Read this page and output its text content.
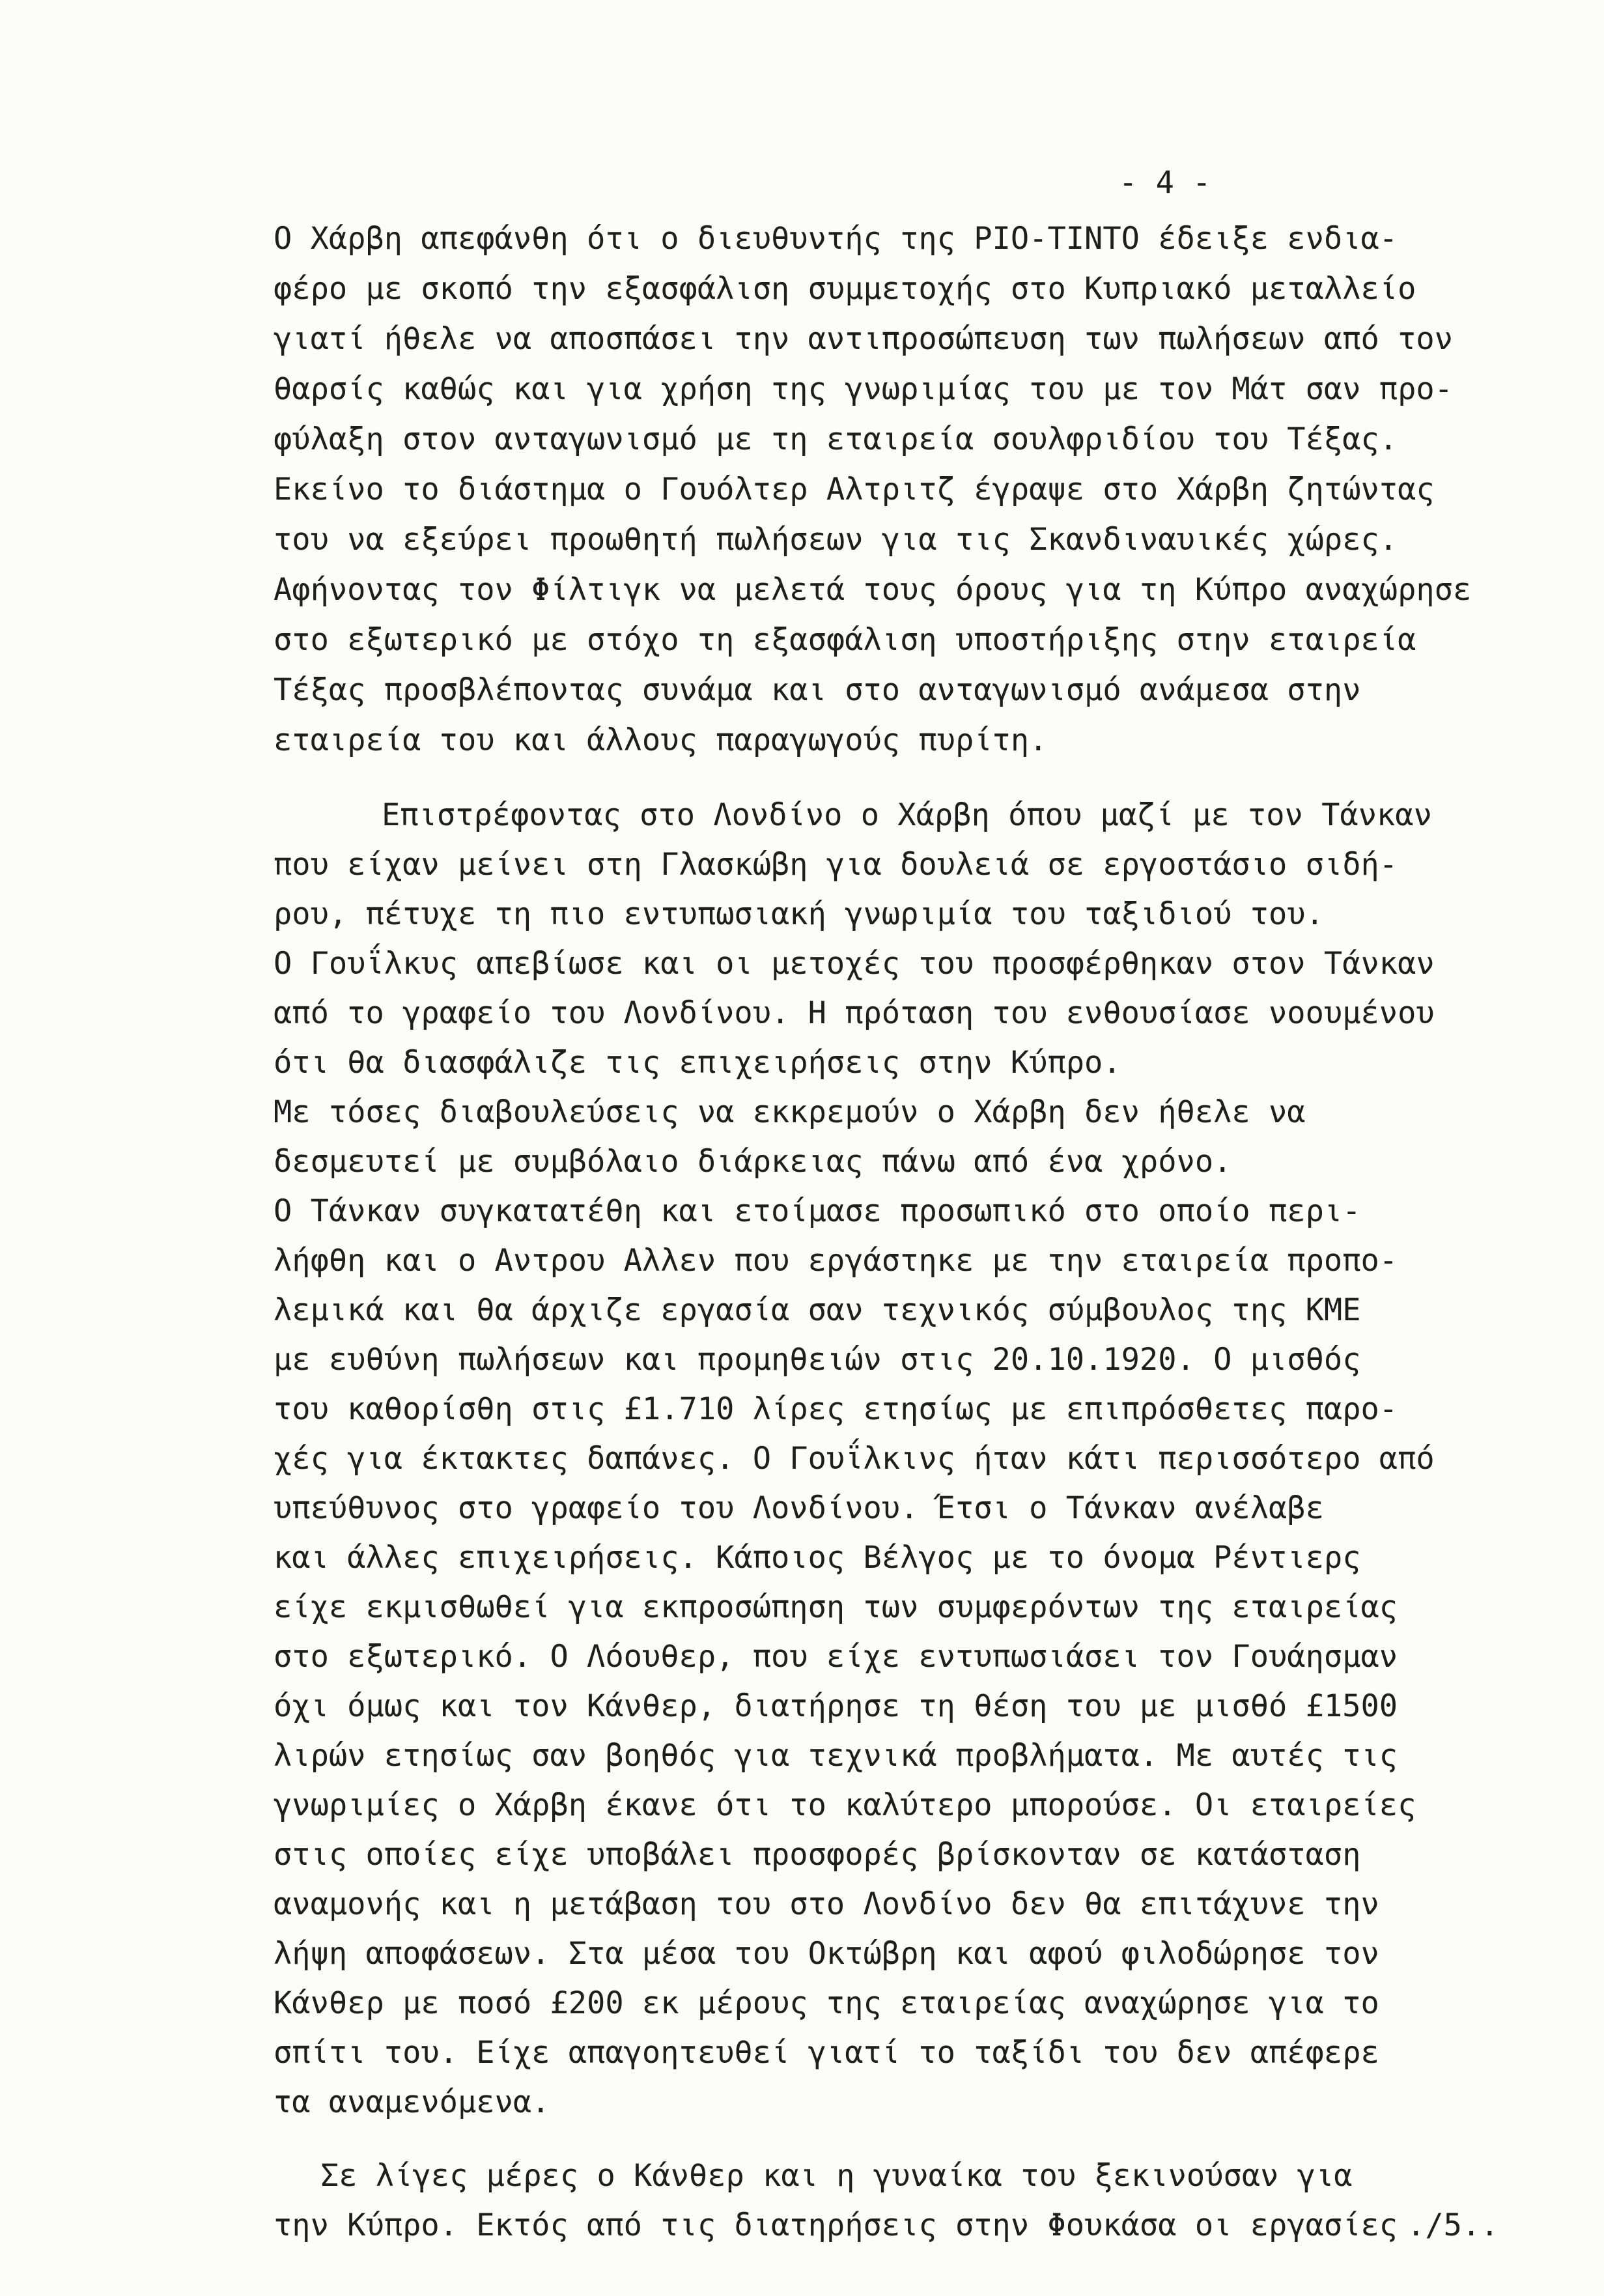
- 4 -
Ο Χάρβη απεφάνθη ότι ο διευθυντής της PIO-TINTO έδειξε ενδια-
φέρο με σκοπό την εξασφάλιση συμμετοχής στο Κυπριακό μεταλλείο
γιατί ήθελε να αποσπάσει την αντιπροσώπευση των πωλήσεων από τον
θαρσίς καθώς και για χρήση της γνωριμίας του με τον Μάτ σαν προ-
φύλαξη στον ανταγωνισμό με τη εταιρεία σουλφριδίου του Τέξας.
Εκείνο το διάστημα ο Γουόλτερ Αλτριτζ έγραψε στο Χάρβη ζητώντας
του να εξεύρει προωθητή πωλήσεων για τις Σκανδιναυικές χώρες.
Αφήνοντας τον Φίλτιγκ να μελετά τους όρους για τη Κύπρο αναχώρησε
στο εξωτερικό με στόχο τη εξασφάλιση υποστήριξης στην εταιρεία
Τέξας προσβλέποντας συνάμα και στο ανταγωνισμό ανάμεσα στην
εταιρεία του και άλλους παραγωγούς πυρίτη.
Επιστρέφοντας στο Λονδίνο ο Χάρβη όπου μαζί με τον Τάνκαν
που είχαν μείνει στη Γλασκώβη για δουλειά σε εργοστάσιο σιδή-
ρου, πέτυχε τη πιο εντυπωσιακή γνωριμία του ταξιδιού του.
Ο Γουΐλκυς απεβίωσε και οι μετοχές του προσφέρθηκαν στον Τάνκαν
από το γραφείο του Λονδίνου. Η πρόταση του ενθουσίασε νοουμένου
ότι θα διασφάλιζε τις επιχειρήσεις στην Κύπρο.
Με τόσες διαβουλεύσεις να εκκρεμούν ο Χάρβη δεν ήθελε να
δεσμευτεί με συμβόλαιο διάρκειας πάνω από ένα χρόνο.
Ο Τάνκαν συγκατατέθη και ετοίμασε προσωπικό στο οποίο περι-
λήφθη και ο Αντρου Αλλεν που εργάστηκε με την εταιρεία προπο-
λεμικά και θα άρχιζε εργασία σαν τεχνικός σύμβουλος της ΚΜΕ
με ευθύνη πωλήσεων και προμηθειών στις 20.10.1920. Ο μισθός
του καθορίσθη στις £1.710 λίρες ετησίως με επιπρόσθετες παρο-
χές για έκτακτες δαπάνες. Ο Γουΐλκινς ήταν κάτι περισσότερο από
υπεύθυνος στο γραφείο του Λονδίνου. Έτσι ο Τάνκαν ανέλαβε
και άλλες επιχειρήσεις. Κάποιος Βέλγος με το όνομα Ρέντιερς
είχε εκμισθωθεί για εκπροσώπηση των συμφερόντων της εταιρείας
στο εξωτερικό. Ο Λόουθερ, που είχε εντυπωσιάσει τον Γουάησμαν
όχι όμως και τον Κάνθερ, διατήρησε τη θέση του με μισθό £1500
λιρών ετησίως σαν βοηθός για τεχνικά προβλήματα. Με αυτές τις
γνωριμίες ο Χάρβη έκανε ότι το καλύτερο μπορούσε. Οι εταιρείες
στις οποίες είχε υποβάλει προσφορές βρίσκονταν σε κατάσταση
αναμονής και η μετάβαση του στο Λονδίνο δεν θα επιτάχυνε την
λήψη αποφάσεων. Στα μέσα του Οκτώβρη και αφού φιλοδώρησε τον
Κάνθερ με ποσό £200 εκ μέρους της εταιρείας αναχώρησε για το
σπίτι του. Είχε απαγοητευθεί γιατί το ταξίδι του δεν απέφερε
τα αναμενόμενα.
Σε λίγες μέρες ο Κάνθερ και η γυναίκα του ξεκινούσαν για
την Κύπρο. Εκτός από τις διατηρήσεις στην Φουκάσα οι εργασίες ./5..
